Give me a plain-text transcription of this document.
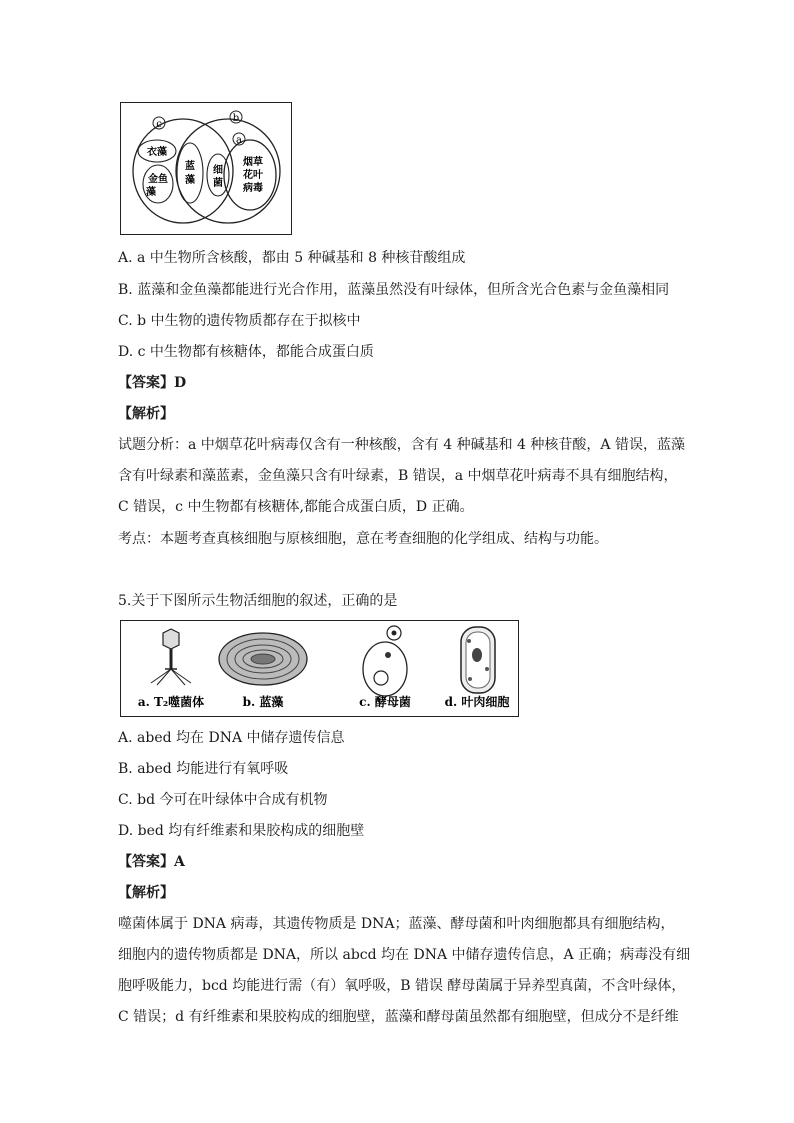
c
b
a
衣藻
金鱼
藻
蓝
藻
细
菌
烟草
花叶
病毒
A. a 中生物所含核酸，都由 5 种碱基和 8 种核苷酸组成
B. 蓝藻和金鱼藻都能进行光合作用，蓝藻虽然没有叶绿体，但所含光合色素与金鱼藻相同
C. b 中生物的遗传物质都存在于拟核中
D. c 中生物都有核糖体，都能合成蛋白质
【答案】D
【解析】
试题分析：a 中烟草花叶病毒仅含有一种核酸，含有 4 种碱基和 4 种核苷酸，A 错误，蓝藻
含有叶绿素和藻蓝素，金鱼藻只含有叶绿素，B 错误，a 中烟草花叶病毒不具有细胞结构，
C 错误，c 中生物都有核糖体,都能合成蛋白质，D 正确。
考点：本题考查真核细胞与原核细胞，意在考查细胞的化学组成、结构与功能。
5.关于下图所示生物活细胞的叙述，正确的是
a. T₂噬菌体	b. 蓝藻	c. 酵母菌	d. 叶肉细胞
A. abed 均在 DNA 中储存遗传信息
B. abed 均能进行有氧呼吸
C. bd 今可在叶绿体中合成有机物
D. bed 均有纤维素和果胶构成的细胞壁
【答案】A
【解析】
噬菌体属于 DNA 病毒，其遗传物质是 DNA；蓝藻、酵母菌和叶肉细胞都具有细胞结构，
细胞内的遗传物质都是 DNA，所以 abcd 均在 DNA 中储存遗传信息，A 正确；病毒没有细
胞呼吸能力，bcd 均能进行需（有）氧呼吸，B 错误 酵母菌属于异养型真菌，不含叶绿体，
C 错误；d 有纤维素和果胶构成的细胞壁，蓝藻和酵母菌虽然都有细胞壁，但成分不是纤维
